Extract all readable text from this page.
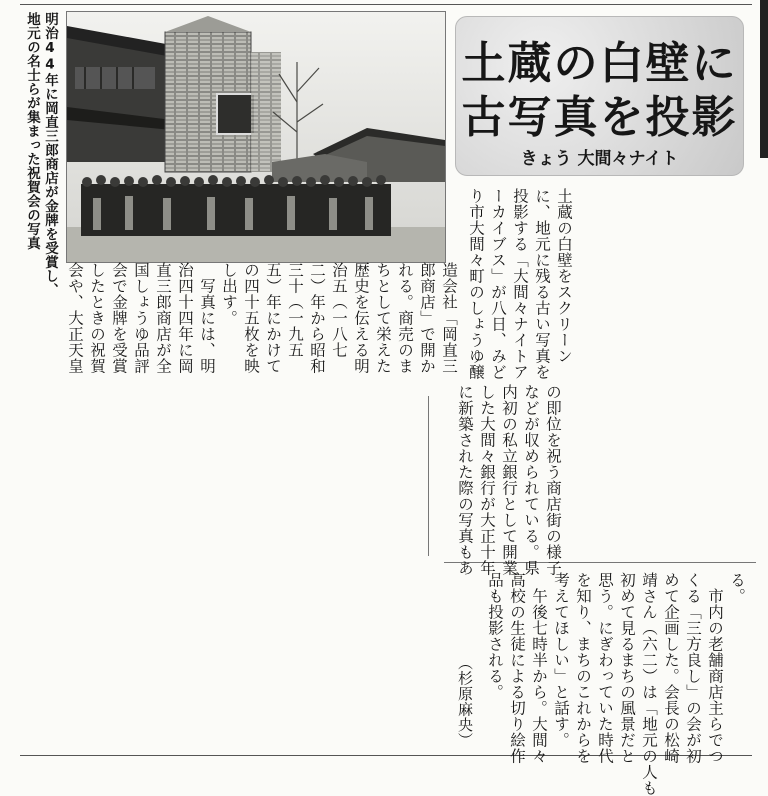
土蔵の白壁に
古写真を投影
きょう 大間々ナイト
明治44年に岡直三郎商店が金牌を受賞し、
地元の名士らが集まった祝賀会の写真
土蔵の白壁をスクリーン
に、地元に残る古い写真を
投影する「大間々ナイトア
ーカイブス」が八日、みど
り市大間々町のしょうゆ醸
造会社「岡直三
郎商店」で開か
れる。商売のま
ちとして栄えた
歴史を伝える明
治五（一八七
二）年から昭和
三十（一九五
五）年にかけて
の四十五枚を映
し出す。
　写真には、明
治四十四年に岡
直三郎商店が全
国しょうゆ品評
会で金牌を受賞
したときの祝賀
会や、大正天皇
の即位を祝う商店街の様子
などが収められている。県
内初の私立銀行として開業
した大間々銀行が大正十年
に新築された際の写真もあ
る。
　市内の老舗商店主らでつ
くる「三方良し」の会が初
めて企画した。会長の松崎
靖さん（六二）は「地元の人も
初めて見るまちの風景だと
思う。にぎわっていた時代
を知り、まちのこれからを
考えてほしい」と話す。
　午後七時半から。大間々
高校の生徒による切り絵作
品も投影される。
（杉原麻央）
